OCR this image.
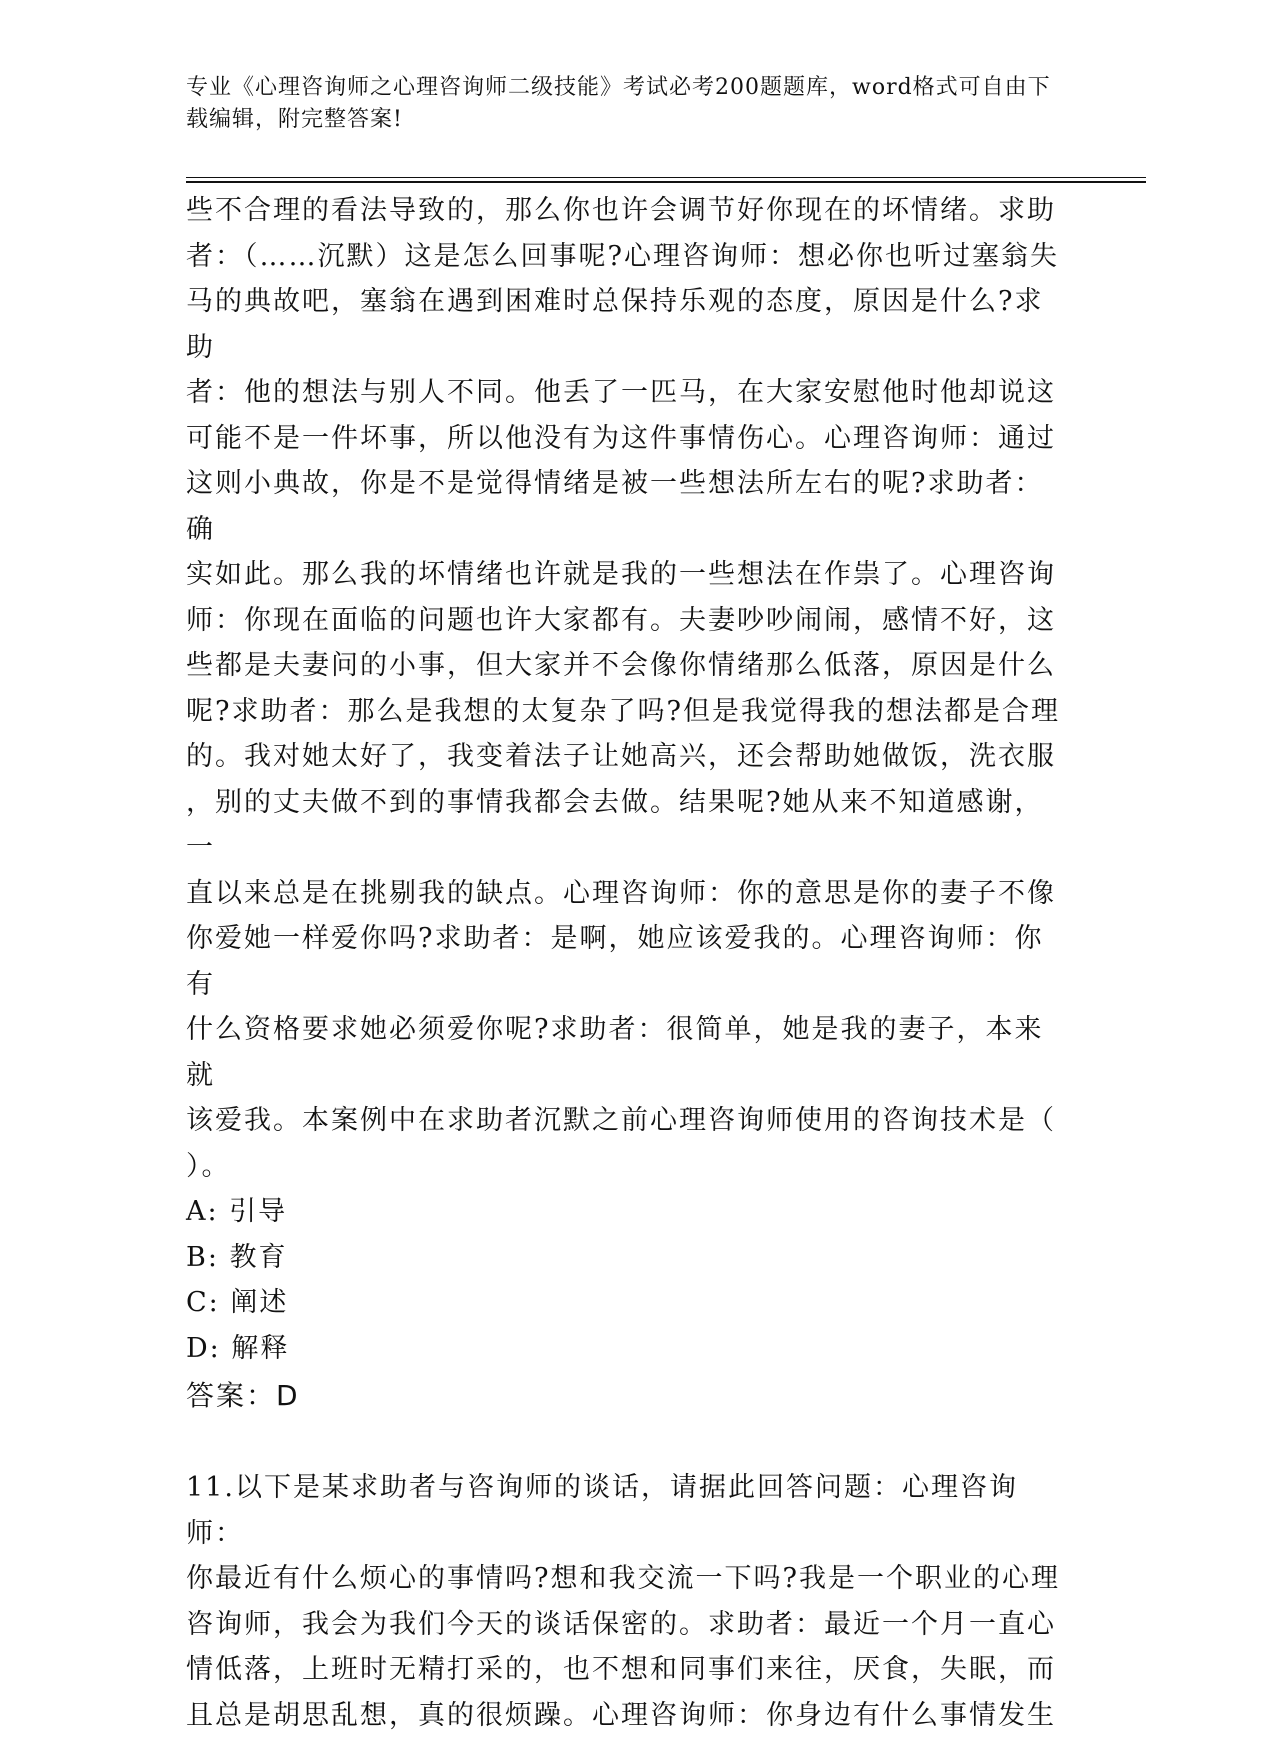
专业《心理咨询师之心理咨询师二级技能》考试必考200题题库，word格式可自由下载编辑，附完整答案!

些不合理的看法导致的，那么你也许会调节好你现在的坏情绪。求助

者：（……沉默）这是怎么回事呢?心理咨询师：想必你也听过塞翁失

马的典故吧，塞翁在遇到困难时总保持乐观的态度，原因是什么?求助

者：他的想法与别人不同。他丢了一匹马，在大家安慰他时他却说这

可能不是一件坏事，所以他没有为这件事情伤心。心理咨询师：通过

这则小典故，你是不是觉得情绪是被一些想法所左右的呢?求助者：确

实如此。那么我的坏情绪也许就是我的一些想法在作祟了。心理咨询

师：你现在面临的问题也许大家都有。夫妻吵吵闹闹，感情不好，这

些都是夫妻问的小事，但大家并不会像你情绪那么低落，原因是什么

呢?求助者：那么是我想的太复杂了吗?但是我觉得我的想法都是合理

的。我对她太好了，我变着法子让她高兴，还会帮助她做饭，洗衣服

，别的丈夫做不到的事情我都会去做。结果呢?她从来不知道感谢，一

直以来总是在挑剔我的缺点。心理咨询师：你的意思是你的妻子不像

你爱她一样爱你吗?求助者：是啊，她应该爱我的。心理咨询师：你有

什么资格要求她必须爱你呢?求助者：很简单，她是我的妻子，本来就

该爱我。本案例中在求助者沉默之前心理咨询师使用的咨询技术是（

）。

A: 引导

B: 教育

C: 阐述

D: 解释

答案：D

11.以下是某求助者与咨询师的谈话，请据此回答问题：心理咨询师：

你最近有什么烦心的事情吗?想和我交流一下吗?我是一个职业的心理

咨询师，我会为我们今天的谈话保密的。求助者：最近一个月一直心

情低落，上班时无精打采的，也不想和同事们来往，厌食，失眠，而

且总是胡思乱想，真的很烦躁。心理咨询师：你身边有什么事情发生
